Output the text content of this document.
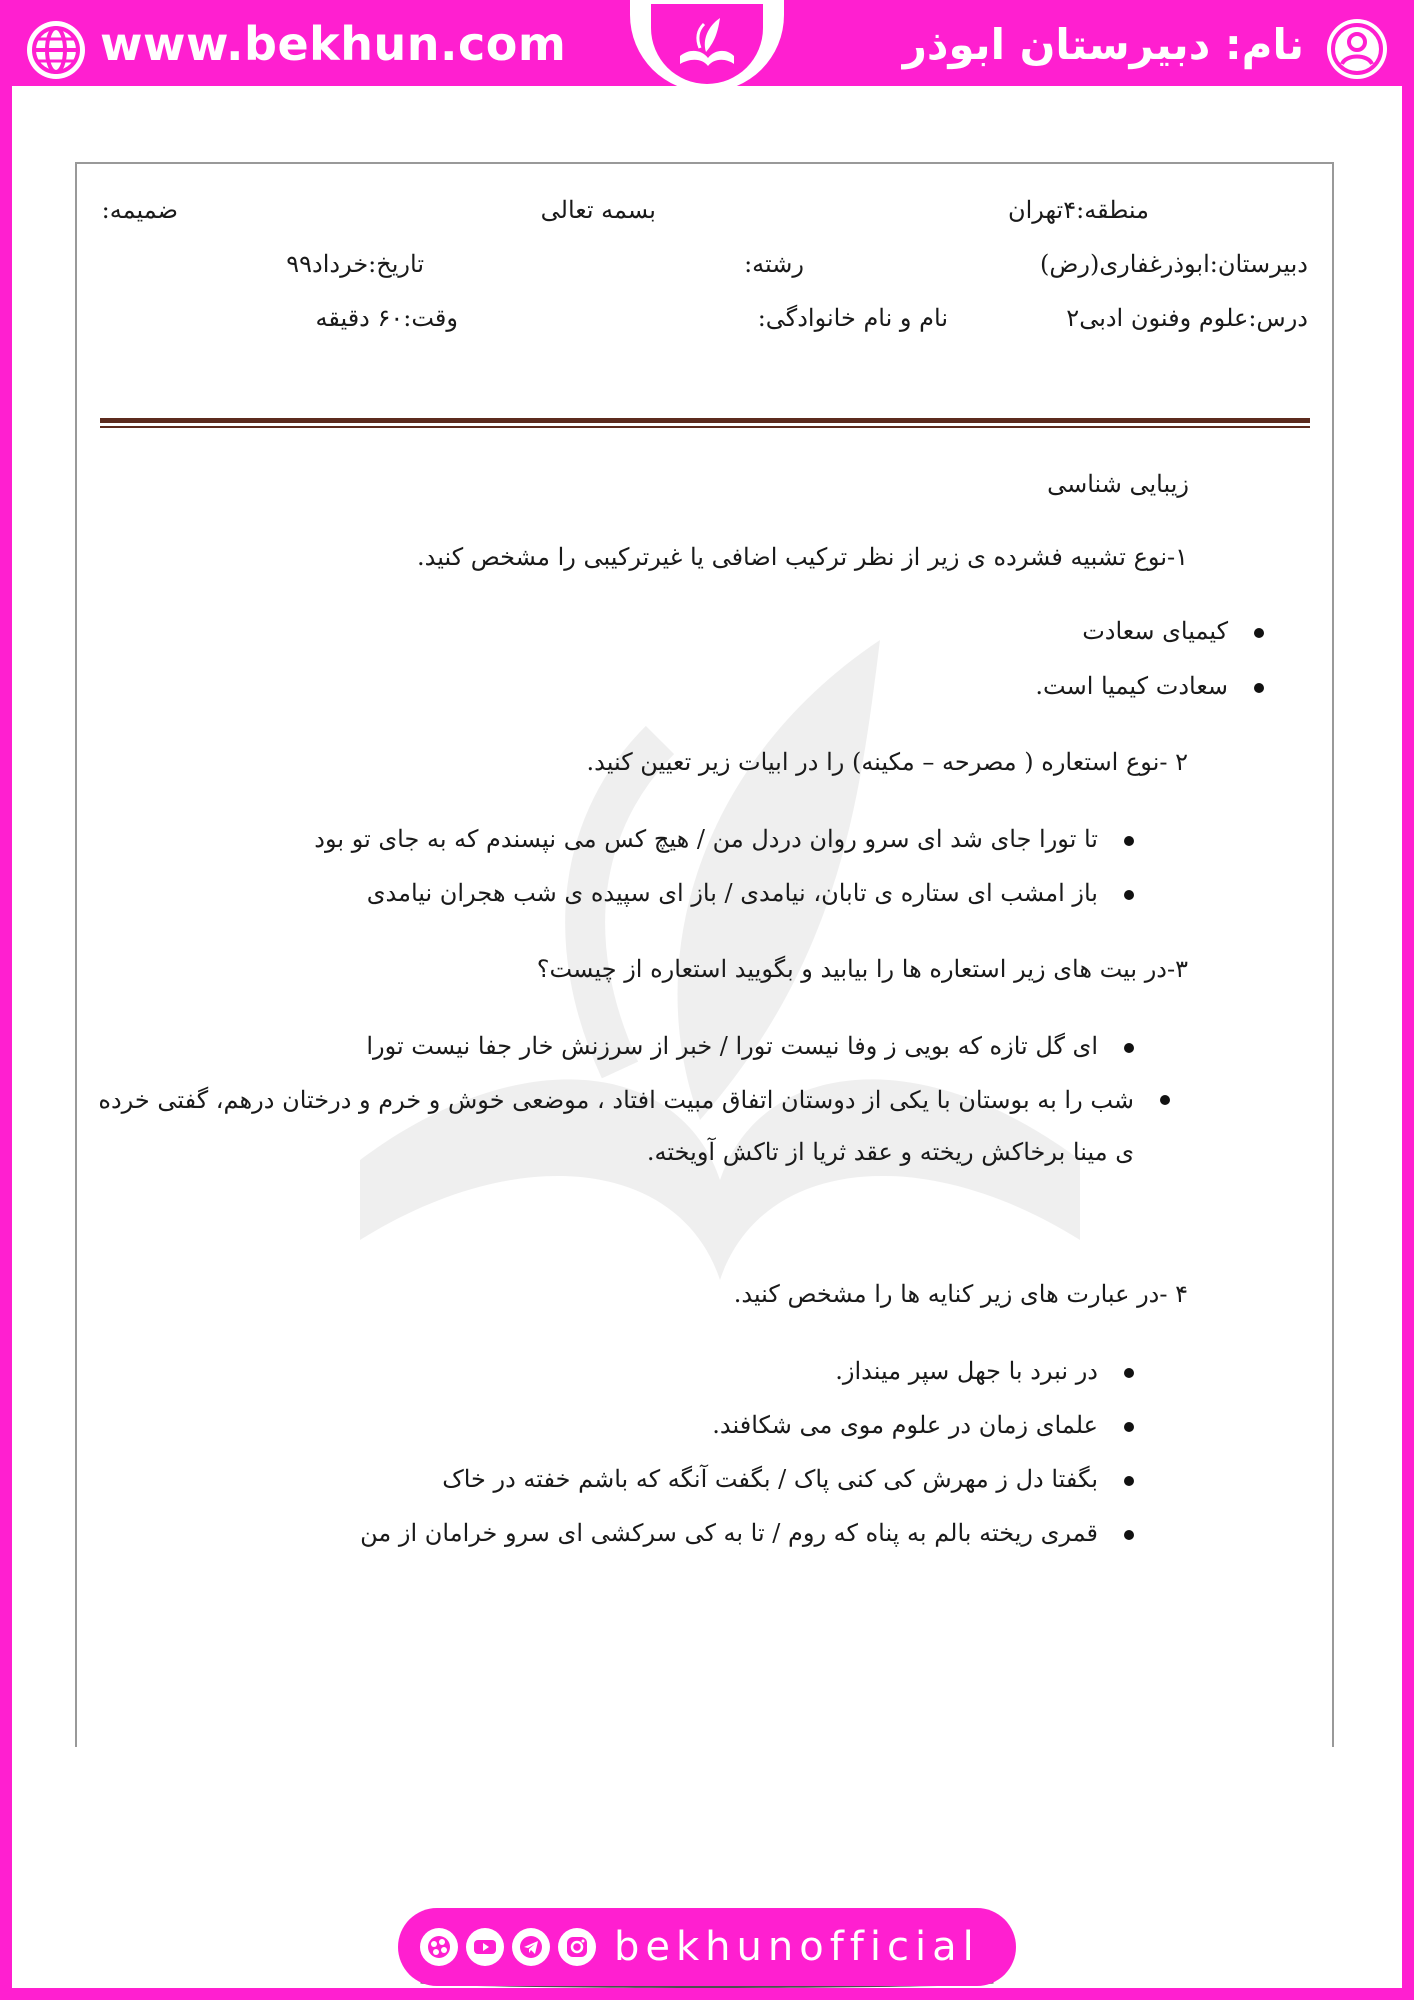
www.bekhun.com	نام: دبیرستان ابوذر
منطقه:۴تهران
بسمه تعالی
ضمیمه:
دبیرستان:ابوذرغفاری(رض)
رشته:
تاریخ:خرداد۹۹
درس:علوم وفنون ادبی۲
نام و نام خانوادگی:
وقت:۶۰ دقیقه
زیبایی شناسی
۱-نوع تشبیه فشرده ی زیر از نظر ترکیب اضافی یا غیرترکیبی را مشخص کنید.
کیمیای سعادت
سعادت کیمیا است.
۲ -نوع استعاره ( مصرحه – مکینه) را در ابیات زیر تعیین کنید.
تا تورا جای شد ای سرو روان دردل من / هیچ کس می نپسندم که به جای تو بود
باز امشب ای ستاره ی تابان، نیامدی / باز ای سپیده ی شب هجران نیامدی
۳-در بیت های زیر استعاره ها را بیابید و بگویید استعاره از چیست؟
ای گل تازه که بویی ز وفا نیست تورا / خبر از سرزنش خار جفا نیست تورا
شب را به بوستان با یکی از دوستان اتفاق مبیت افتاد ، موضعی خوش و خرم و درختان درهم، گفتی خرده ی مینا برخاکش ریخته و عقد ثریا از تاکش آویخته.
۴ -در عبارت های زیر کنایه ها را مشخص کنید.
در نبرد با جهل سپر مینداز.
علمای زمان در علوم موی می شکافند.
بگفتا دل ز مهرش کی کنی پاک / بگفت آنگه که باشم خفته در خاک
قمری ریخته بالم به پناه که روم / تا به کی سرکشی ای سرو خرامان از من
bekhunofficial
